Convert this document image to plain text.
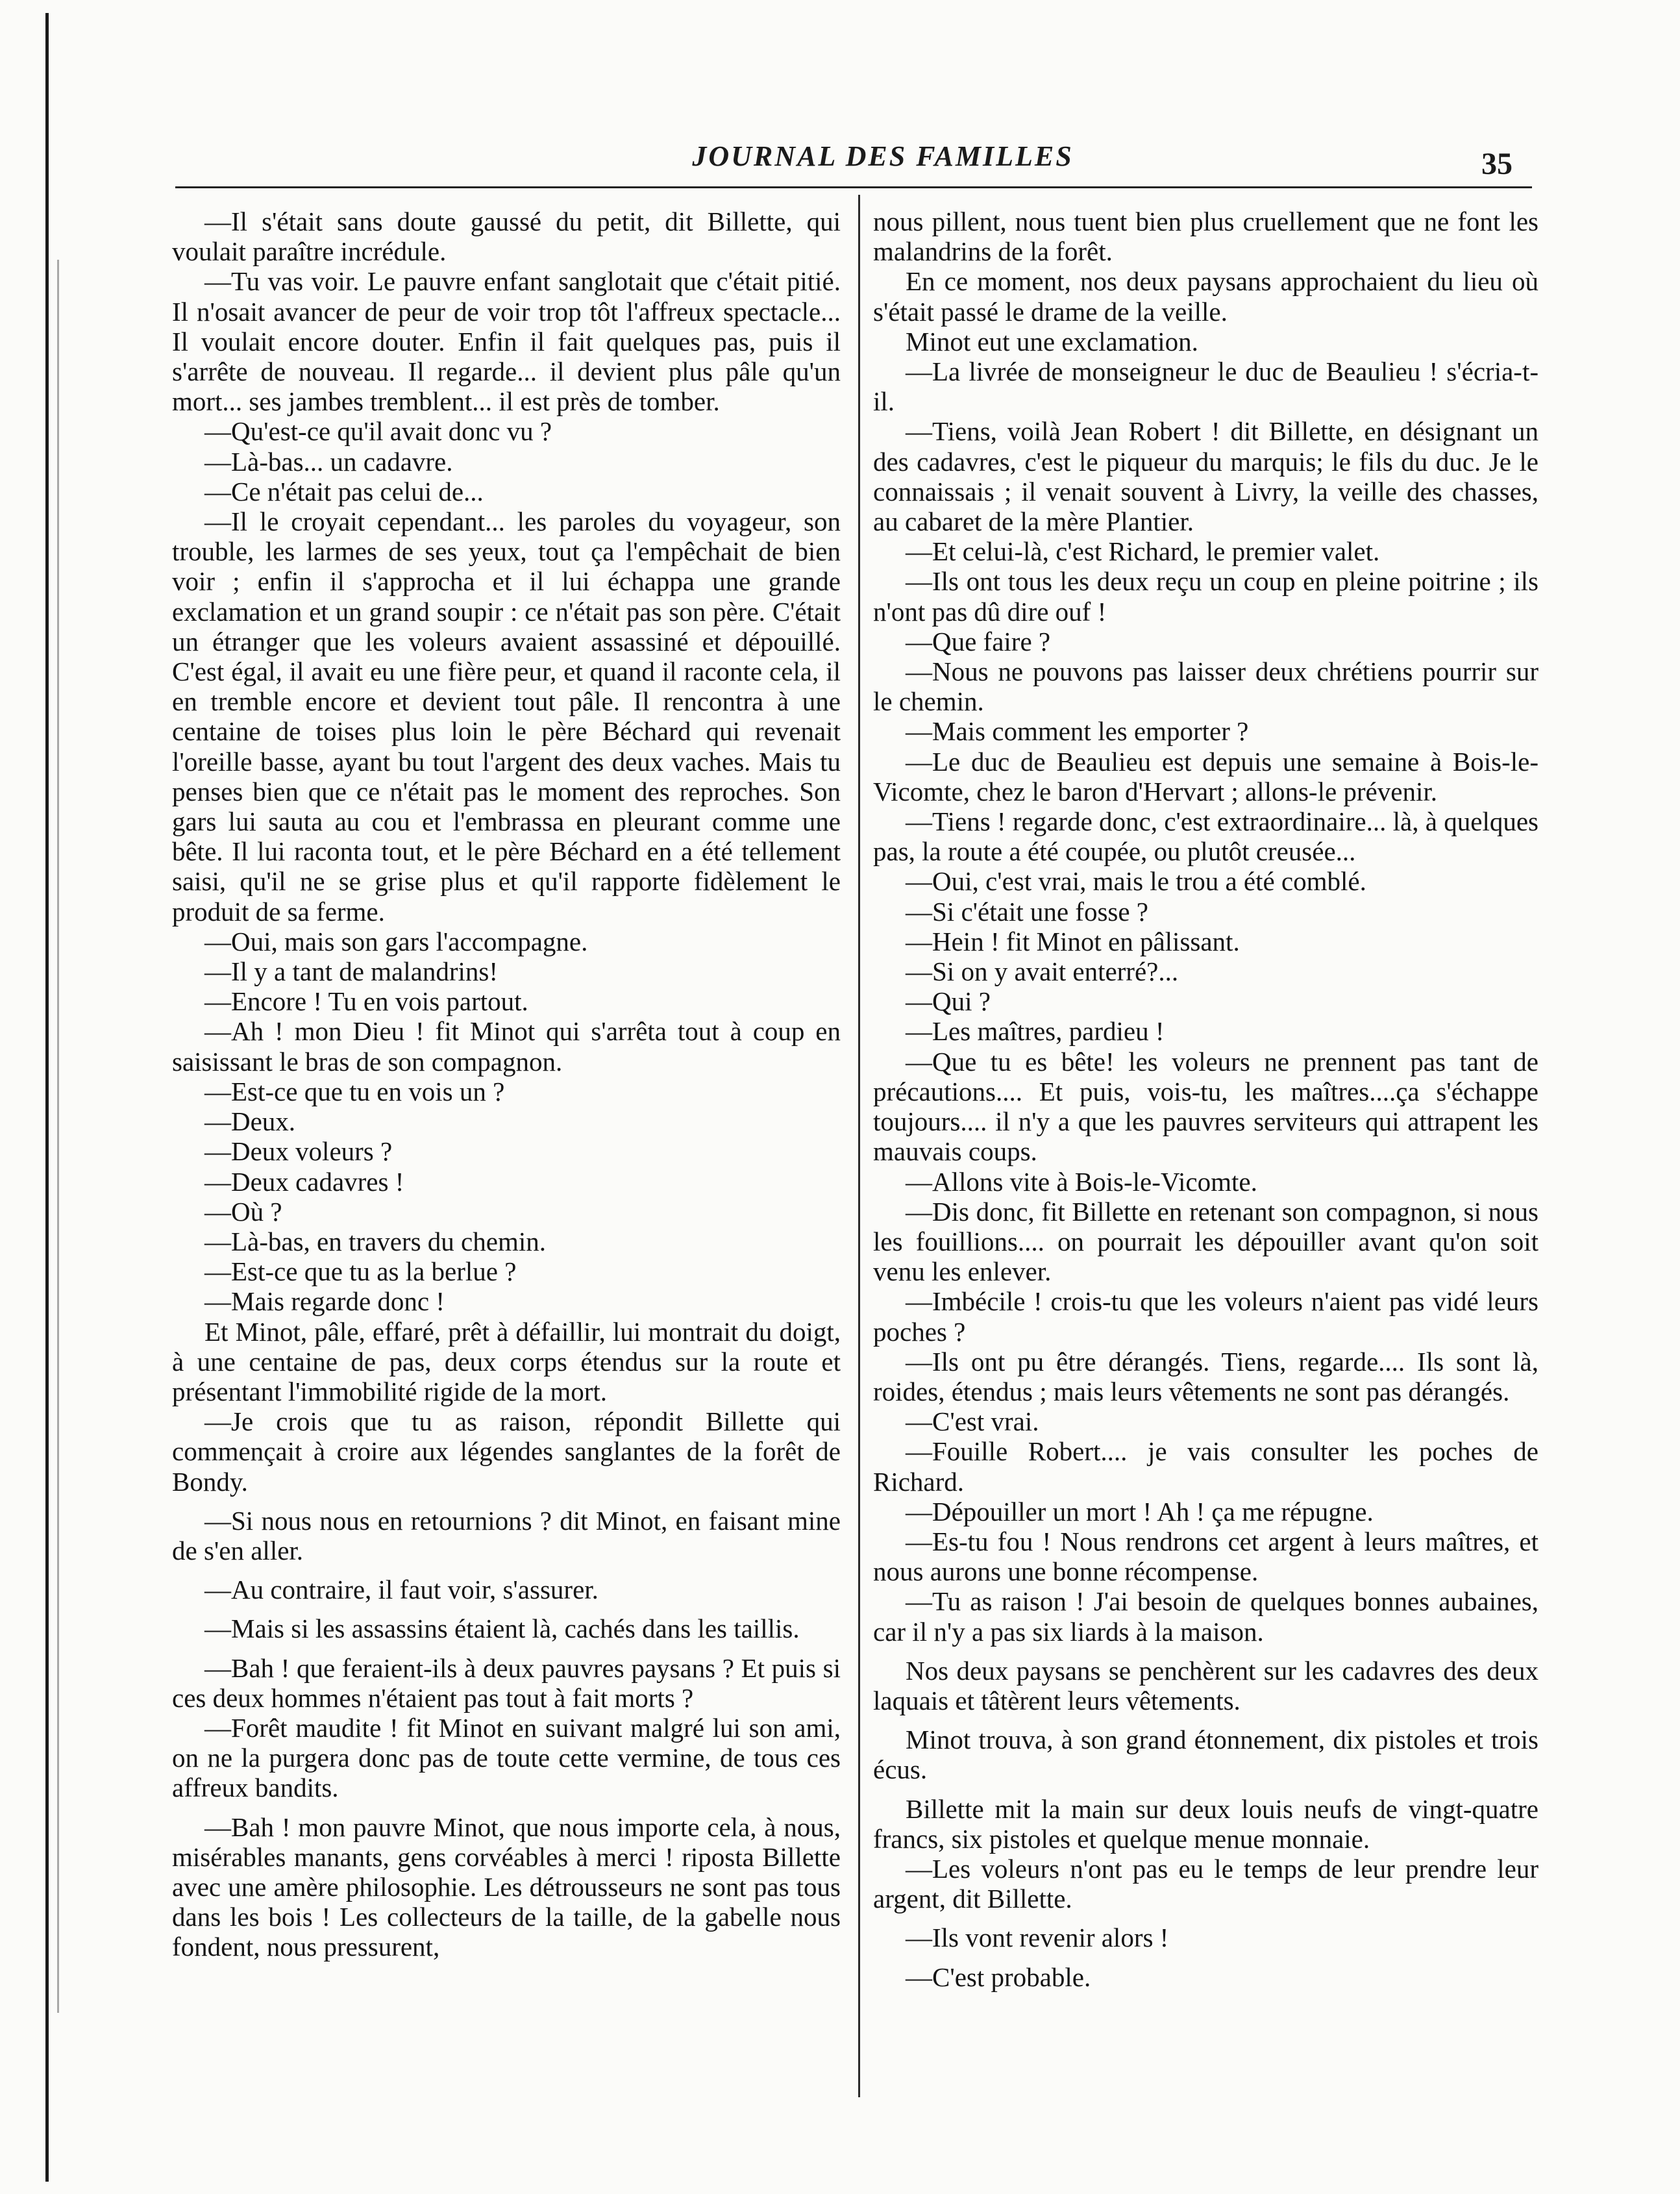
JOURNAL DES FAMILLES	35

—Il s'était sans doute gaussé du petit, dit Billette, qui voulait paraître incrédule.

—Tu vas voir. Le pauvre enfant sanglotait que c'était pitié. Il n'osait avancer de peur de voir trop tôt l'affreux spectacle... Il voulait encore douter. Enfin il fait quelques pas, puis il s'arrête de nouveau. Il regarde... il devient plus pâle qu'un mort... ses jambes tremblent... il est près de tomber.

—Qu'est-ce qu'il avait donc vu ?

—Là-bas... un cadavre.

—Ce n'était pas celui de...

—Il le croyait cependant... les paroles du voyageur, son trouble, les larmes de ses yeux, tout ça l'empêchait de bien voir ; enfin il s'approcha et il lui échappa une grande exclamation et un grand soupir : ce n'était pas son père. C'était un étranger que les voleurs avaient assassiné et dépouillé. C'est égal, il avait eu une fière peur, et quand il raconte cela, il en tremble encore et devient tout pâle. Il rencontra à une centaine de toises plus loin le père Béchard qui revenait l'oreille basse, ayant bu tout l'argent des deux vaches. Mais tu penses bien que ce n'était pas le moment des reproches. Son gars lui sauta au cou et l'embrassa en pleurant comme une bête. Il lui raconta tout, et le père Béchard en a été tellement saisi, qu'il ne se grise plus et qu'il rapporte fidèlement le produit de sa ferme.

—Oui, mais son gars l'accompagne.

—Il y a tant de malandrins!

—Encore ! Tu en vois partout.

—Ah ! mon Dieu ! fit Minot qui s'arrêta tout à coup en saisissant le bras de son compagnon.

—Est-ce que tu en vois un ?

—Deux.

—Deux voleurs ?

—Deux cadavres !

—Où ?

—Là-bas, en travers du chemin.

—Est-ce que tu as la berlue ?

—Mais regarde donc !

Et Minot, pâle, effaré, prêt à défaillir, lui montrait du doigt, à une centaine de pas, deux corps étendus sur la route et présentant l'immobilité rigide de la mort.

—Je crois que tu as raison, répondit Billette qui commençait à croire aux légendes sanglantes de la forêt de Bondy.

—Si nous nous en retournions ? dit Minot, en faisant mine de s'en aller.

—Au contraire, il faut voir, s'assurer.

—Mais si les assassins étaient là, cachés dans les taillis.

—Bah ! que feraient-ils à deux pauvres paysans ? Et puis si ces deux hommes n'étaient pas tout à fait morts ?

—Forêt maudite ! fit Minot en suivant malgré lui son ami, on ne la purgera donc pas de toute cette vermine, de tous ces affreux bandits.

—Bah ! mon pauvre Minot, que nous importe cela, à nous, misérables manants, gens corvéables à merci ! riposta Billette avec une amère philosophie. Les détrousseurs ne sont pas tous dans les bois ! Les collecteurs de la taille, de la gabelle nous fondent, nous pressurent,

nous pillent, nous tuent bien plus cruellement que ne font les malandrins de la forêt.

En ce moment, nos deux paysans approchaient du lieu où s'était passé le drame de la veille.

Minot eut une exclamation.

—La livrée de monseigneur le duc de Beaulieu ! s'écria-t-il.

—Tiens, voilà Jean Robert ! dit Billette, en désignant un des cadavres, c'est le piqueur du marquis; le fils du duc. Je le connaissais ; il venait souvent à Livry, la veille des chasses, au cabaret de la mère Plantier.

—Et celui-là, c'est Richard, le premier valet.

—Ils ont tous les deux reçu un coup en pleine poitrine ; ils n'ont pas dû dire ouf !

—Que faire ?

—Nous ne pouvons pas laisser deux chrétiens pourrir sur le chemin.

—Mais comment les emporter ?

—Le duc de Beaulieu est depuis une semaine à Bois-le-Vicomte, chez le baron d'Hervart ; allons-le prévenir.

—Tiens ! regarde donc, c'est extraordinaire... là, à quelques pas, la route a été coupée, ou plutôt creusée...

—Oui, c'est vrai, mais le trou a été comblé.

—Si c'était une fosse ?

—Hein ! fit Minot en pâlissant.

—Si on y avait enterré?...

—Qui ?

—Les maîtres, pardieu !

—Que tu es bête! les voleurs ne prennent pas tant de précautions.... Et puis, vois-tu, les maîtres....ça s'échappe toujours.... il n'y a que les pauvres serviteurs qui attrapent les mauvais coups.

—Allons vite à Bois-le-Vicomte.

—Dis donc, fit Billette en retenant son compagnon, si nous les fouillions.... on pourrait les dépouiller avant qu'on soit venu les enlever.

—Imbécile ! crois-tu que les voleurs n'aient pas vidé leurs poches ?

—Ils ont pu être dérangés. Tiens, regarde.... Ils sont là, roides, étendus ; mais leurs vêtements ne sont pas dérangés.

—C'est vrai.

—Fouille Robert.... je vais consulter les poches de Richard.

—Dépouiller un mort ! Ah ! ça me répugne.

—Es-tu fou ! Nous rendrons cet argent à leurs maîtres, et nous aurons une bonne récompense.

—Tu as raison ! J'ai besoin de quelques bonnes aubaines, car il n'y a pas six liards à la maison.

Nos deux paysans se penchèrent sur les cadavres des deux laquais et tâtèrent leurs vêtements.

Minot trouva, à son grand étonnement, dix pistoles et trois écus.

Billette mit la main sur deux louis neufs de vingt-quatre francs, six pistoles et quelque menue monnaie.

—Les voleurs n'ont pas eu le temps de leur prendre leur argent, dit Billette.

—Ils vont revenir alors !

—C'est probable.
